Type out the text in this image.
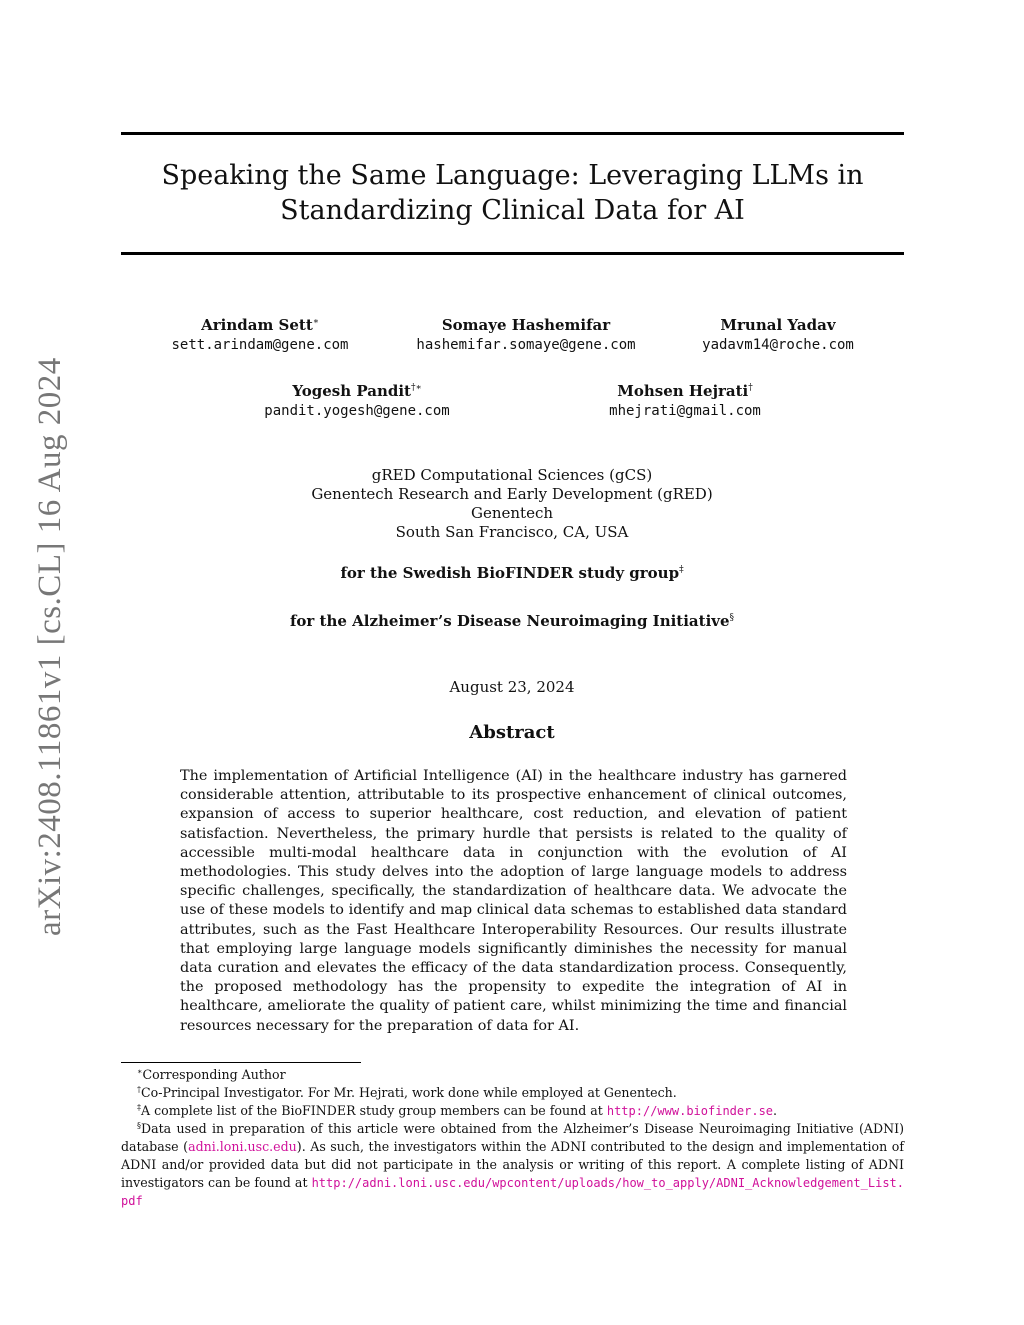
arXiv:2408.11861v1 [cs.CL] 16 Aug 2024
Speaking the Same Language: Leveraging LLMs in
Standardizing Clinical Data for AI
Arindam Sett∗
sett.arindam@gene.com
Somaye Hashemifar
hashemifar.somaye@gene.com
Mrunal Yadav
yadavm14@roche.com
Yogesh Pandit†∗
pandit.yogesh@gene.com
Mohsen Hejrati†
mhejrati@gmail.com
gRED Computational Sciences (gCS)
Genentech Research and Early Development (gRED)
Genentech
South San Francisco, CA, USA
for the Swedish BioFINDER study group‡
for the Alzheimer’s Disease Neuroimaging Initiative§
August 23, 2024
Abstract
The implementation of Artificial Intelligence (AI) in the healthcare industry has garnered considerable attention, attributable to its prospective enhancement of clinical outcomes, expansion of access to superior healthcare, cost reduction, and elevation of patient satisfaction. Nevertheless, the primary hurdle that persists is related to the quality of accessible multi-modal healthcare data in conjunction with the evolution of AI methodologies. This study delves into the adoption of large language models to address specific challenges, specifically, the standardization of healthcare data. We advocate the use of these models to identify and map clinical data schemas to established data standard attributes, such as the Fast Healthcare Interoperability Resources. Our results illustrate that employing large language models significantly diminishes the necessity for manual data curation and elevates the efficacy of the data standardization process. Consequently, the proposed methodology has the propensity to expedite the integration of AI in healthcare, ameliorate the quality of patient care, whilst minimizing the time and financial resources necessary for the preparation of data for AI.

∗Corresponding Author

†Co-Principal Investigator. For Mr. Hejrati, work done while employed at Genentech.

‡A complete list of the BioFINDER study group members can be found at http://www.biofinder.se.

§Data used in preparation of this article were obtained from the Alzheimer’s Disease Neuroimaging Initiative (ADNI) database (adni.loni.usc.edu). As such, the investigators within the ADNI contributed to the design and implementation of ADNI and/or provided data but did not participate in the analysis or writing of this report. A complete listing of ADNI investigators can be found at http://adni.loni.usc.edu/wpcontent/uploads/how_to_apply/ADNI_Acknowledgement_List.pdf
